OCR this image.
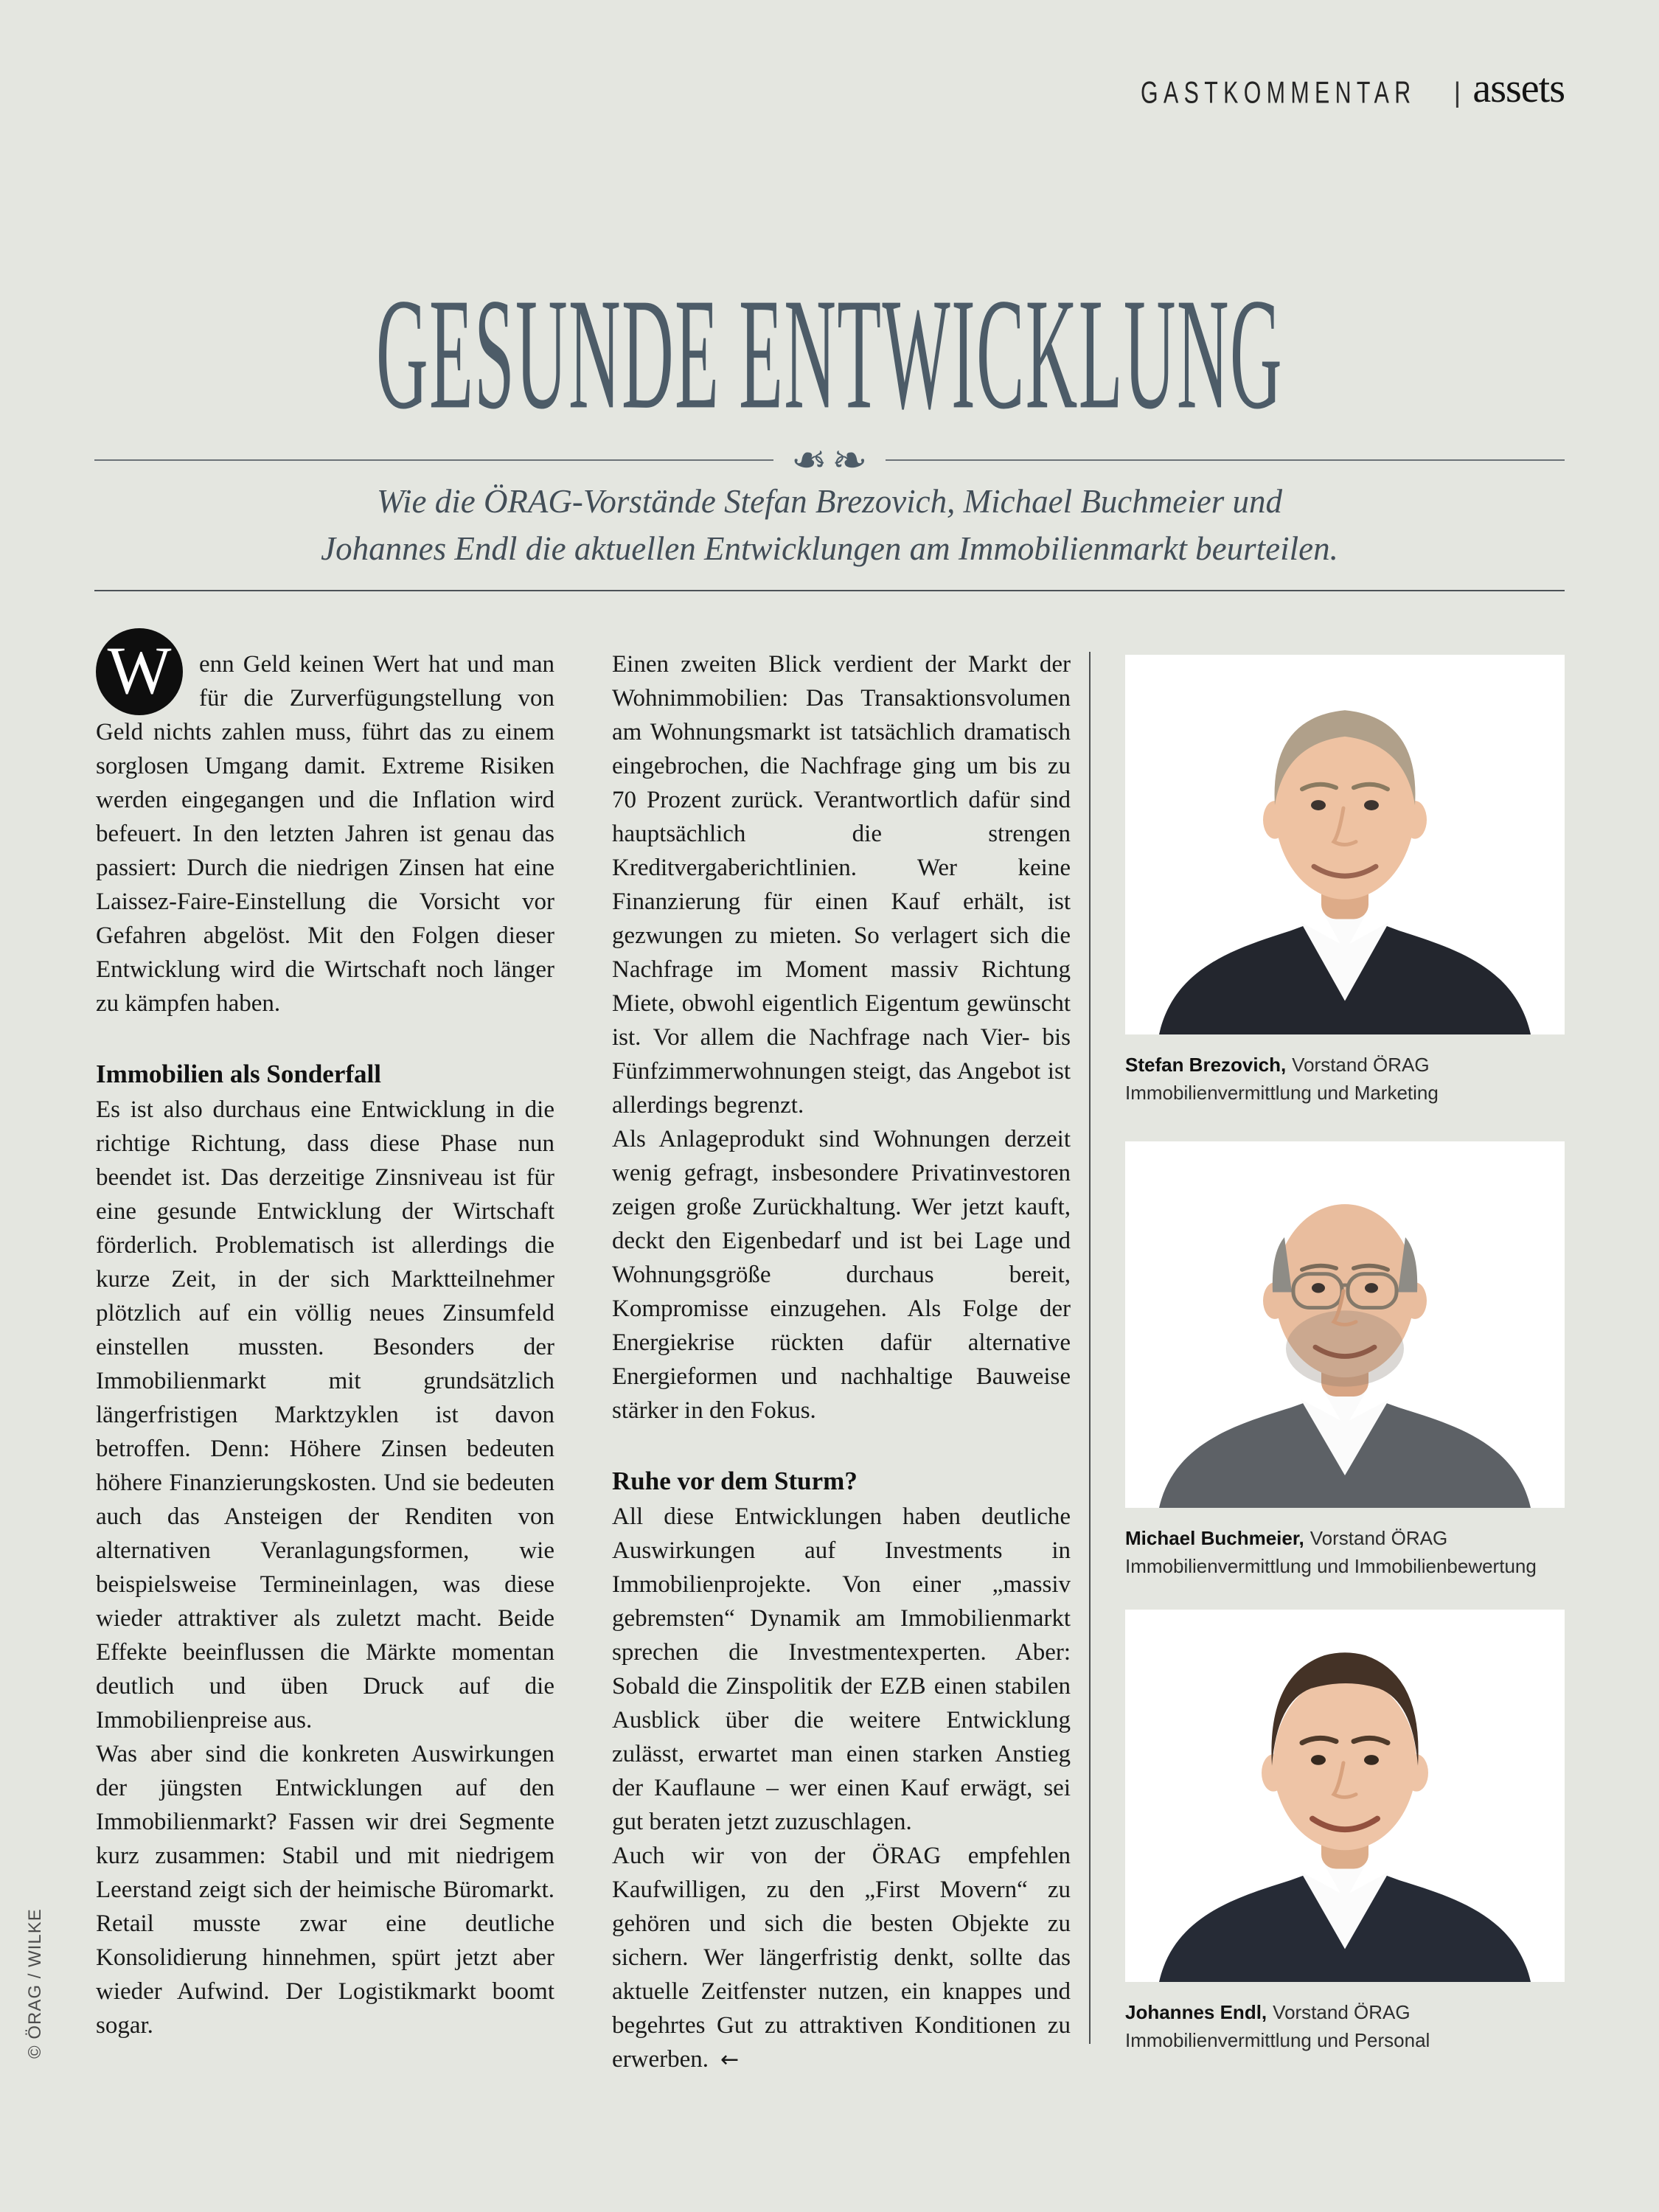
GASTKOMMENTAR | assets
GESUNDE ENTWICKLUNG
❧ ❧
Wie die ÖRAG-Vorstände Stefan Brezovich, Michael Buchmeier und
Johannes Endl die aktuellen Entwicklungen am Immobilienmarkt beurteilen.

W	enn Geld keinen Wert hat und man für die Zurverfügungstellung von Geld nichts zahlen muss, führt das zu einem sorglosen Umgang damit. Extreme Risiken werden eingegangen und die Inflation wird befeuert. In den letzten Jahren ist genau das passiert: Durch die niedrigen Zinsen hat eine Laissez-Faire-Einstellung die Vorsicht vor Gefahren abgelöst. Mit den Folgen dieser Entwicklung wird die Wirtschaft noch länger zu kämpfen haben.

Immobilien als Sonderfall

Es ist also durchaus eine Entwicklung in die richtige Richtung, dass diese Phase nun beendet ist. Das derzeitige Zinsniveau ist für eine gesunde Entwicklung der Wirtschaft förderlich. Problematisch ist allerdings die kurze Zeit, in der sich Marktteilnehmer plötzlich auf ein völlig neues Zinsumfeld einstellen mussten. Besonders der Immobilienmarkt mit grundsätzlich längerfristigen Marktzyklen ist davon betroffen. Denn: Höhere Zinsen bedeuten höhere Finanzierungskosten. Und sie bedeuten auch das Ansteigen der Renditen von alternativen Veranlagungsformen, wie beispielsweise Termineinlagen, was diese wieder attraktiver als zuletzt macht. Beide Effekte beeinflussen die Märkte momentan deutlich und üben Druck auf die Immobilienpreise aus.

Was aber sind die konkreten Auswirkungen der jüngsten Entwicklungen auf den Immobilienmarkt? Fassen wir drei Segmente kurz zusammen: Stabil und mit niedrigem Leerstand zeigt sich der heimische Büromarkt. Retail musste zwar eine deutliche Konsolidierung hinnehmen, spürt jetzt aber wieder Aufwind. Der Logistikmarkt boomt sogar.

Einen zweiten Blick verdient der Markt der Wohnimmobilien: Das Transaktionsvolumen am Wohnungsmarkt ist tatsächlich dramatisch eingebrochen, die Nachfrage ging um bis zu 70 Prozent zurück. Verantwortlich dafür sind hauptsächlich die strengen Kreditvergaberichtlinien. Wer keine Finanzierung für einen Kauf erhält, ist gezwungen zu mieten. So verlagert sich die Nachfrage im Moment massiv Richtung Miete, obwohl eigentlich Eigentum gewünscht ist. Vor allem die Nachfrage nach Vier- bis Fünfzimmerwohnungen steigt, das Angebot ist allerdings begrenzt.

Als Anlageprodukt sind Wohnungen derzeit wenig gefragt, insbesondere Privatinvestoren zeigen große Zurückhaltung. Wer jetzt kauft, deckt den Eigenbedarf und ist bei Lage und Wohnungsgröße durchaus bereit, Kompromisse einzugehen. Als Folge der Energiekrise rückten dafür alternative Energieformen und nachhaltige Bauweise stärker in den Fokus.

Ruhe vor dem Sturm?

All diese Entwicklungen haben deutliche Auswirkungen auf Investments in Immobilienprojekte. Von einer „massiv gebremsten“ Dynamik am Immobilienmarkt sprechen die Investmentexperten. Aber: Sobald die Zinspolitik der EZB einen stabilen Ausblick über die weitere Entwicklung zulässt, erwartet man einen starken Anstieg der Kauflaune – wer einen Kauf erwägt, sei gut beraten jetzt zuzuschlagen.

Auch wir von der ÖRAG empfehlen Kaufwilligen, zu den „First Movern“ zu gehören und sich die besten Objekte zu sichern. Wer längerfristig denkt, sollte das aktuelle Zeitfenster nutzen, ein knappes und begehrtes Gut zu attraktiven Konditionen zu erwerben. ←

Stefan Brezovich, Vorstand ÖRAG
Immobilienvermittlung und Marketing
Michael Buchmeier, Vorstand ÖRAG
Immobilienvermittlung und Immobilienbewertung
Johannes Endl, Vorstand ÖRAG
Immobilienvermittlung und Personal
© ÖRAG / WILKE
